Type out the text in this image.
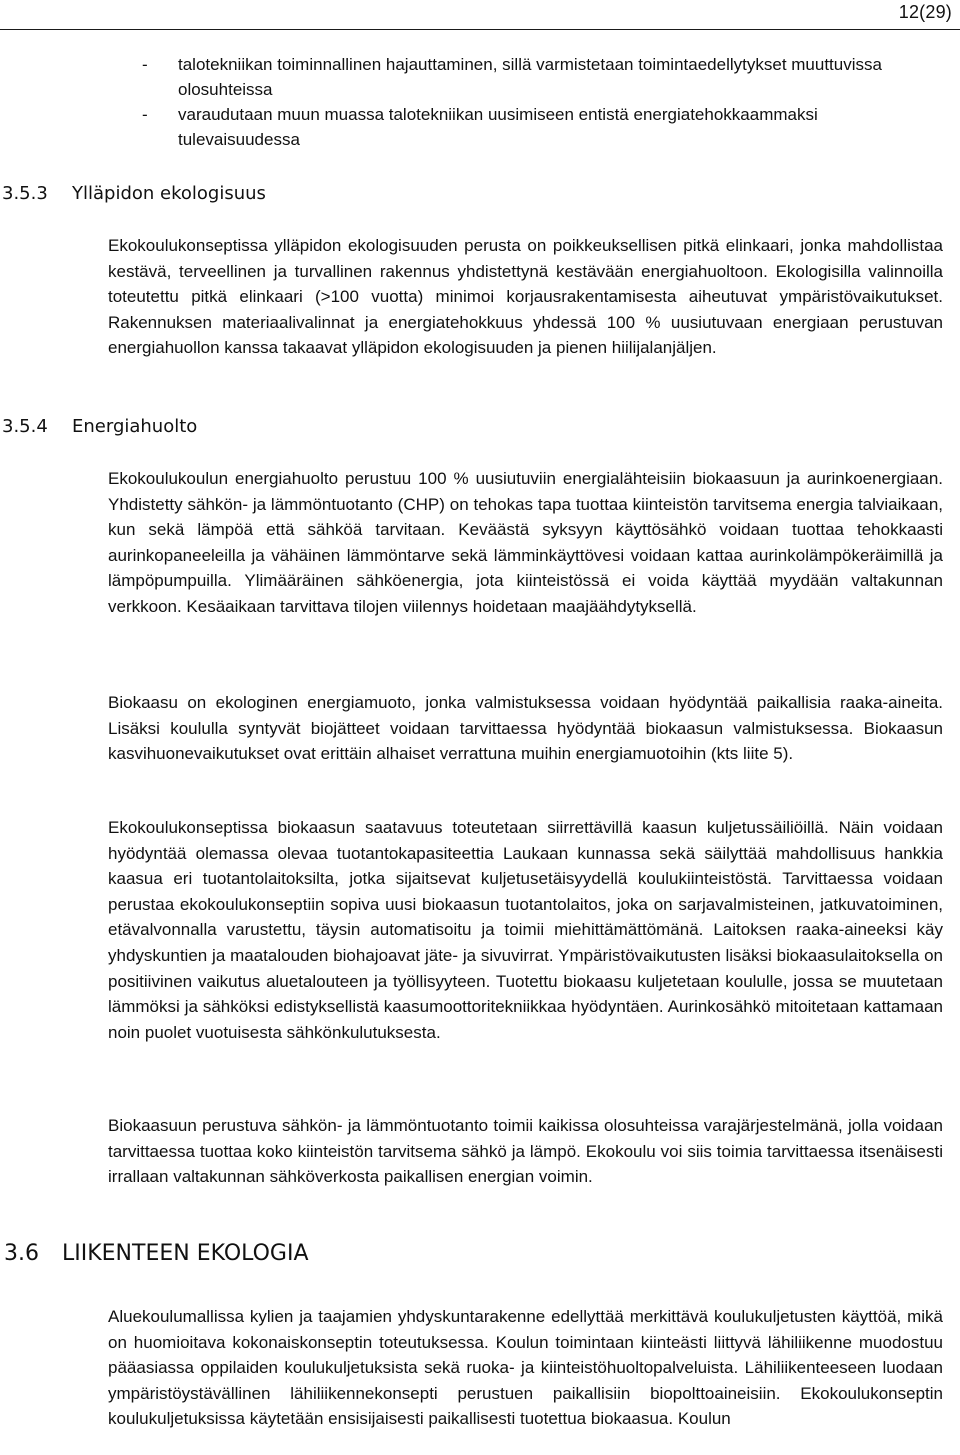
12(29)
- talotekniikan toiminnallinen hajauttaminen, sillä varmistetaan toimintaedellytykset muuttuvissa olosuhteissa
- varaudutaan muun muassa talotekniikan uusimiseen entistä energiatehokkaammaksi tulevaisuudessa
3.5.3 Ylläpidon ekologisuus

Ekokoulukonseptissa ylläpidon ekologisuuden perusta on poikkeuksellisen pitkä elinkaari, jonka mahdollistaa kestävä, terveellinen ja turvallinen rakennus yhdistettynä kestävään energiahuoltoon. Ekologisilla valinnoilla toteutettu pitkä elinkaari (>100 vuotta) minimoi korjausrakentamisesta aiheutuvat ympäristövaikutukset. Rakennuksen materiaalivalinnat ja energiatehokkuus yhdessä 100 % uusiutuvaan energiaan perustuvan energiahuollon kanssa takaavat ylläpidon ekologisuuden ja pienen hiilijalanjäljen.

3.5.4 Energiahuolto

Ekokoulukoulun energiahuolto perustuu 100 % uusiutuviin energialähteisiin biokaasuun ja aurinkoenergiaan. Yhdistetty sähkön- ja lämmöntuotanto (CHP) on tehokas tapa tuottaa kiinteistön tarvitsema energia talviaikaan, kun sekä lämpöä että sähköä tarvitaan. Keväästä syksyyn käyttösähkö voidaan tuottaa tehokkaasti aurinkopaneeleilla ja vähäinen lämmöntarve sekä lämminkäyttövesi voidaan kattaa aurinkolämpökeräimillä ja lämpöpumpuilla. Ylimääräinen sähköenergia, jota kiinteistössä ei voida käyttää myydään valtakunnan verkkoon. Kesäaikaan tarvittava tilojen viilennys hoidetaan maajäähdytyksellä.

Biokaasu on ekologinen energiamuoto, jonka valmistuksessa voidaan hyödyntää paikallisia raaka-aineita. Lisäksi koululla syntyvät biojätteet voidaan tarvittaessa hyödyntää biokaasun valmistuksessa. Biokaasun kasvihuonevaikutukset ovat erittäin alhaiset verrattuna muihin energiamuotoihin (kts liite 5).

Ekokoulukonseptissa biokaasun saatavuus toteutetaan siirrettävillä kaasun kuljetussäiliöillä. Näin voidaan hyödyntää olemassa olevaa tuotantokapasiteettia Laukaan kunnassa sekä säilyttää mahdollisuus hankkia kaasua eri tuotantolaitoksilta, jotka sijaitsevat kuljetusetäisyydellä koulukiinteistöstä. Tarvittaessa voidaan perustaa ekokoulukonseptiin sopiva uusi biokaasun tuotantolaitos, joka on sarjavalmisteinen, jatkuvatoiminen, etävalvonnalla varustettu, täysin automatisoitu ja toimii miehittämättömänä. Laitoksen raaka-aineeksi käy yhdyskuntien ja maatalouden biohajoavat jäte- ja sivuvirrat. Ympäristövaikutusten lisäksi biokaasulaitoksella on positiivinen vaikutus aluetalouteen ja työllisyyteen. Tuotettu biokaasu kuljetetaan koululle, jossa se muutetaan lämmöksi ja sähköksi edistyksellistä kaasumoottoritekniikkaa hyödyntäen. Aurinkosähkö mitoitetaan kattamaan noin puolet vuotuisesta sähkönkulutuksesta.

Biokaasuun perustuva sähkön- ja lämmöntuotanto toimii kaikissa olosuhteissa varajärjestelmänä, jolla voidaan tarvittaessa tuottaa koko kiinteistön tarvitsema sähkö ja lämpö. Ekokoulu voi siis toimia tarvittaessa itsenäisesti irrallaan valtakunnan sähköverkosta paikallisen energian voimin.

3.6 LIIKENTEEN EKOLOGIA

Aluekoulumallissa kylien ja taajamien yhdyskuntarakenne edellyttää merkittävä koulukuljetusten käyttöä, mikä on huomioitava kokonaiskonseptin toteutuksessa. Koulun toimintaan kiinteästi liittyvä lähiliikenne muodostuu pääasiassa oppilaiden koulukuljetuksista sekä ruoka- ja kiinteistöhuoltopalveluista. Lähiliikenteeseen luodaan ympäristöystävällinen lähiliikennekonsepti perustuen paikallisiin biopolttoaineisiin. Ekokoulukonseptin koulukuljetuksissa käytetään ensisijaisesti paikallisesti tuotettua biokaasua. Koulun
